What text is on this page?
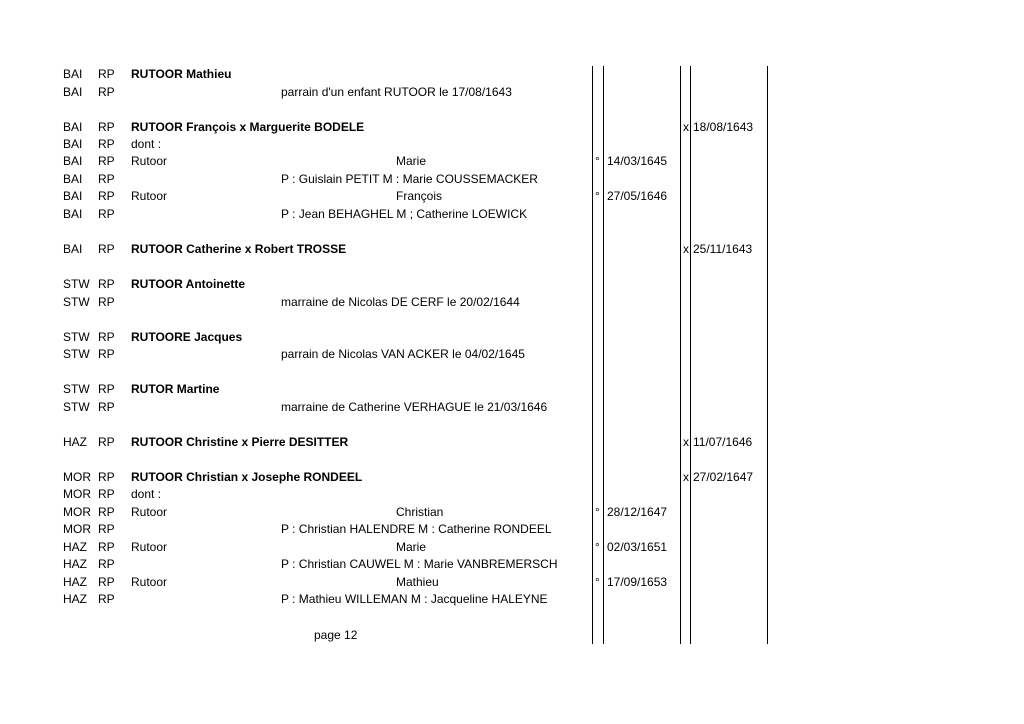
BAI RP RUTOOR Mathieu
BAI RP	parrain d'un enfant RUTOOR le 17/08/1643
BAI RP RUTOOR François x Marguerite BODELE	x 18/08/1643
BAI RP dont :
BAI RP Rutoor	Marie	° 14/03/1645
BAI RP	P : Guislain PETIT M : Marie COUSSEMACKER
BAI RP Rutoor	François	° 27/05/1646
BAI RP	P : Jean BEHAGHEL M ; Catherine LOEWICK
BAI RP RUTOOR Catherine x Robert TROSSE	x 25/11/1643
STW RP RUTOOR Antoinette
STW RP	marraine de Nicolas DE CERF le 20/02/1644
STW RP RUTOORE Jacques
STW RP	parrain de Nicolas VAN ACKER le 04/02/1645
STW RP RUTOR Martine
STW RP	marraine de Catherine VERHAGUE le 21/03/1646
HAZ RP RUTOOR Christine x Pierre DESITTER	x 11/07/1646
MOR RP RUTOOR Christian x Josephe RONDEEL	x 27/02/1647
MOR RP dont :
MOR RP Rutoor	Christian	° 28/12/1647
MOR RP	P : Christian HALENDRE M : Catherine RONDEEL
HAZ RP Rutoor	Marie	° 02/03/1651
HAZ RP	P : Christian CAUWEL M : Marie VANBREMERSCH
HAZ RP Rutoor	Mathieu	° 17/09/1653
HAZ RP	P : Mathieu WILLEMAN M : Jacqueline HALEYNE
page 12
